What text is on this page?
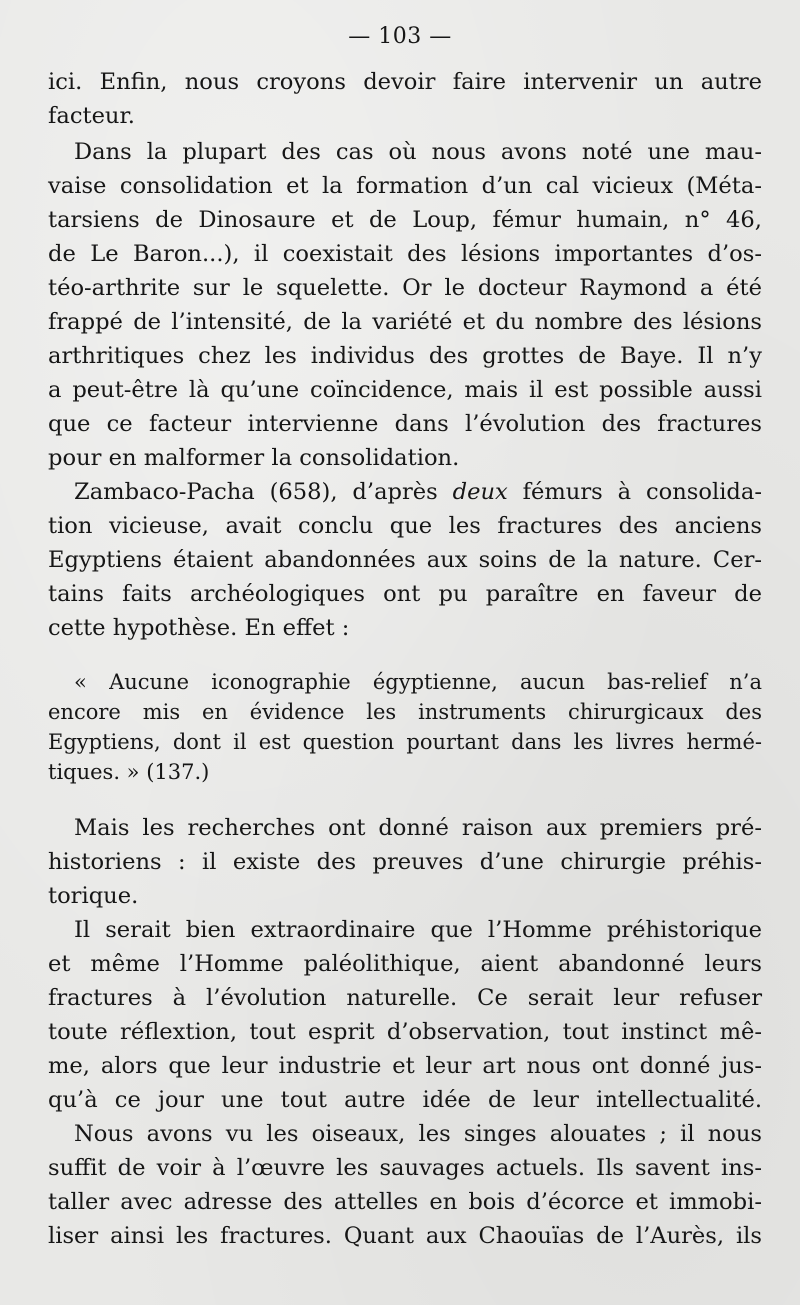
— 103 —

ici. Enfin, nous croyons devoir faire intervenir un autre
facteur.

Dans la plupart des cas où nous avons noté une mau-
vaise consolidation et la formation d’un cal vicieux (Méta-
tarsiens de Dinosaure et de Loup, fémur humain, n° 46,
de Le Baron...), il coexistait des lésions importantes d’os-
téo-arthrite sur le squelette. Or le docteur Raymond a été
frappé de l’intensité, de la variété et du nombre des lésions
arthritiques chez les individus des grottes de Baye. Il n’y
a peut-être là qu’une coïncidence, mais il est possible aussi
que ce facteur intervienne dans l’évolution des fractures
pour en malformer la consolidation.

Zambaco-Pacha (658), d’après deux fémurs à consolida-
tion vicieuse, avait conclu que les fractures des anciens
Egyptiens étaient abandonnées aux soins de la nature. Cer-
tains faits archéologiques ont pu paraître en faveur de
cette hypothèse. En effet :

« Aucune iconographie égyptienne, aucun bas-relief n’a
encore mis en évidence les instruments chirurgicaux des
Egyptiens, dont il est question pourtant dans les livres hermé-
tiques. » (137.)

Mais les recherches ont donné raison aux premiers pré-
historiens : il existe des preuves d’une chirurgie préhis-
torique.

Il serait bien extraordinaire que l’Homme préhistorique
et même l’Homme paléolithique, aient abandonné leurs
fractures à l’évolution naturelle. Ce serait leur refuser
toute réflextion, tout esprit d’observation, tout instinct mê-
me, alors que leur industrie et leur art nous ont donné jus-
qu’à ce jour une tout autre idée de leur intellectualité.

Nous avons vu les oiseaux, les singes alouates ; il nous
suffit de voir à l’œuvre les sauvages actuels. Ils savent ins-
taller avec adresse des attelles en bois d’écorce et immobi-
liser ainsi les fractures. Quant aux Chaouïas de l’Aurès, ils
